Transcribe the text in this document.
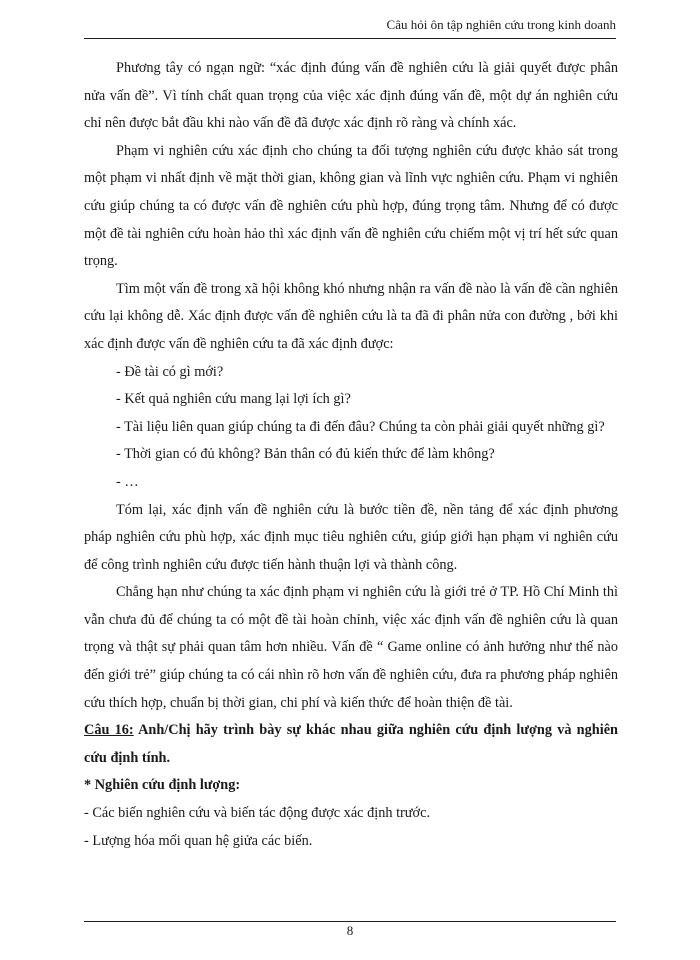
Câu hỏi ôn tập nghiên cứu trong kinh doanh

Phương tây có ngạn ngữ: “xác định đúng vấn đề nghiên cứu là giải quyết được phân nửa vấn đề”. Vì tính chất quan trọng của việc xác định đúng vấn đề, một dự án nghiên cứu chỉ nên được bắt đầu khi nào vấn đề đã được xác định rõ ràng và chính xác.

Phạm vi nghiên cứu xác định cho chúng ta đối tượng nghiên cứu được khảo sát trong một phạm vi nhất định về mặt thời gian, không gian và lĩnh vực nghiên cứu. Phạm vi nghiên cứu giúp chúng ta có được vấn đề nghiên cứu phù hợp, đúng trọng tâm. Nhưng để có được một đề tài nghiên cứu hoàn hảo thì xác định vấn đề nghiên cứu chiếm một vị trí hết sức quan trọng.

Tìm một vấn đề trong xã hội không khó nhưng nhận ra vấn đề nào là vấn đề cần nghiên cứu lại không dễ. Xác định được vấn đề nghiên cứu là ta đã đi phân nửa con đường , bởi khi xác định được vấn đề nghiên cứu ta đã xác định được:

- Đề tài có gì mới?

- Kết quả nghiên cứu mang lại lợi ích gì?

- Tài liệu liên quan giúp chúng ta đi đến đâu? Chúng ta còn phải giải quyết những gì?

- Thời gian có đủ không? Bản thân có đủ kiến thức để làm không?

- …

Tóm lại, xác định vấn đề nghiên cứu là bước tiền đề, nền tảng để xác định phương pháp nghiên cứu phù hợp, xác định mục tiêu nghiên cứu, giúp giới hạn phạm vi nghiên cứu để công trình nghiên cứu được tiến hành thuận lợi và thành công.

Chẳng hạn như chúng ta xác định phạm vi nghiên cứu là giới trẻ ở TP. Hồ Chí Minh thì vẫn chưa đủ để chúng ta có một đề tài hoàn chỉnh, việc xác định vấn đề nghiên cứu là quan trọng và thật sự phải quan tâm hơn nhiều. Vấn đề “ Game online có ảnh hưởng như thế nào đến giới trẻ” giúp chúng ta có cái nhìn rõ hơn vấn đề nghiên cứu, đưa ra phương pháp nghiên cứu thích hợp, chuẩn bị thời gian, chi phí và kiến thức để hoàn thiện đề tài.

Câu 16: Anh/Chị hãy trình bày sự khác nhau giữa nghiên cứu định lượng và nghiên cứu định tính.

* Nghiên cứu định lượng:

- Các biến nghiên cứu và biến tác động được xác định trước.

- Lượng hóa mối quan hệ giửa các biến.

8
